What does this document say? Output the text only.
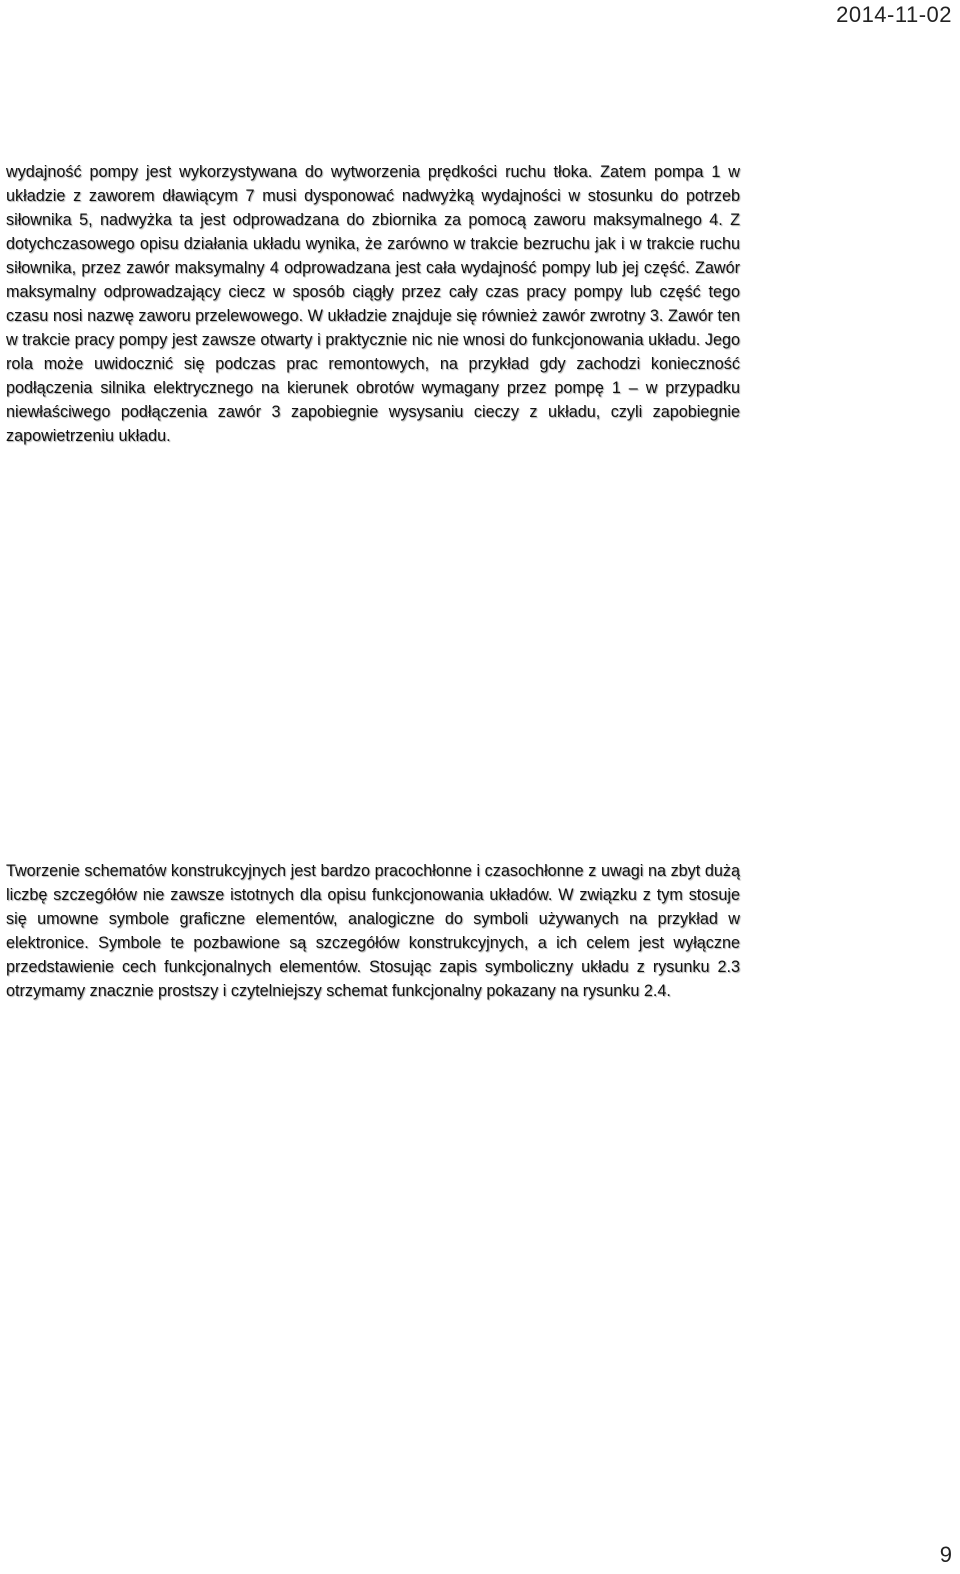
2014-11-02

wydajność pompy jest wykorzystywana do wytworzenia prędkości ruchu tłoka. Zatem pompa 1 w układzie z zaworem dławiącym 7 musi dysponować nadwyżką wydajności w stosunku do potrzeb siłownika 5, nadwyżka ta jest odprowadzana do zbiornika za pomocą zaworu maksymalnego 4. Z dotychczasowego opisu działania układu wynika, że zarówno w trakcie bezruchu jak i w trakcie ruchu siłownika, przez zawór maksymalny 4 odprowadzana jest cała wydajność pompy lub jej część. Zawór maksymalny odprowadzający ciecz w sposób ciągły przez cały czas pracy pompy lub część tego czasu nosi nazwę zaworu przelewowego. W układzie znajduje się również zawór zwrotny 3. Zawór ten w trakcie pracy pompy jest zawsze otwarty i praktycznie nic nie wnosi do funkcjonowania układu. Jego rola może uwidocznić się podczas prac remontowych, na przykład gdy zachodzi konieczność podłączenia silnika elektrycznego na kierunek obrotów wymagany przez pompę 1 – w przypadku niewłaściwego podłączenia zawór 3 zapobiegnie wysysaniu cieczy z układu, czyli zapobiegnie zapowietrzeniu układu.

Tworzenie schematów konstrukcyjnych jest bardzo pracochłonne i czasochłonne z uwagi na zbyt dużą liczbę szczegółów nie zawsze istotnych dla opisu funkcjonowania układów. W związku z tym stosuje się umowne symbole graficzne elementów, analogiczne do symboli używanych na przykład w elektronice. Symbole te pozbawione są szczegółów konstrukcyjnych, a ich celem jest wyłączne przedstawienie cech funkcjonalnych elementów. Stosując zapis symboliczny układu z rysunku 2.3 otrzymamy znacznie prostszy i czytelniejszy schemat funkcjonalny pokazany na rysunku 2.4.

9
